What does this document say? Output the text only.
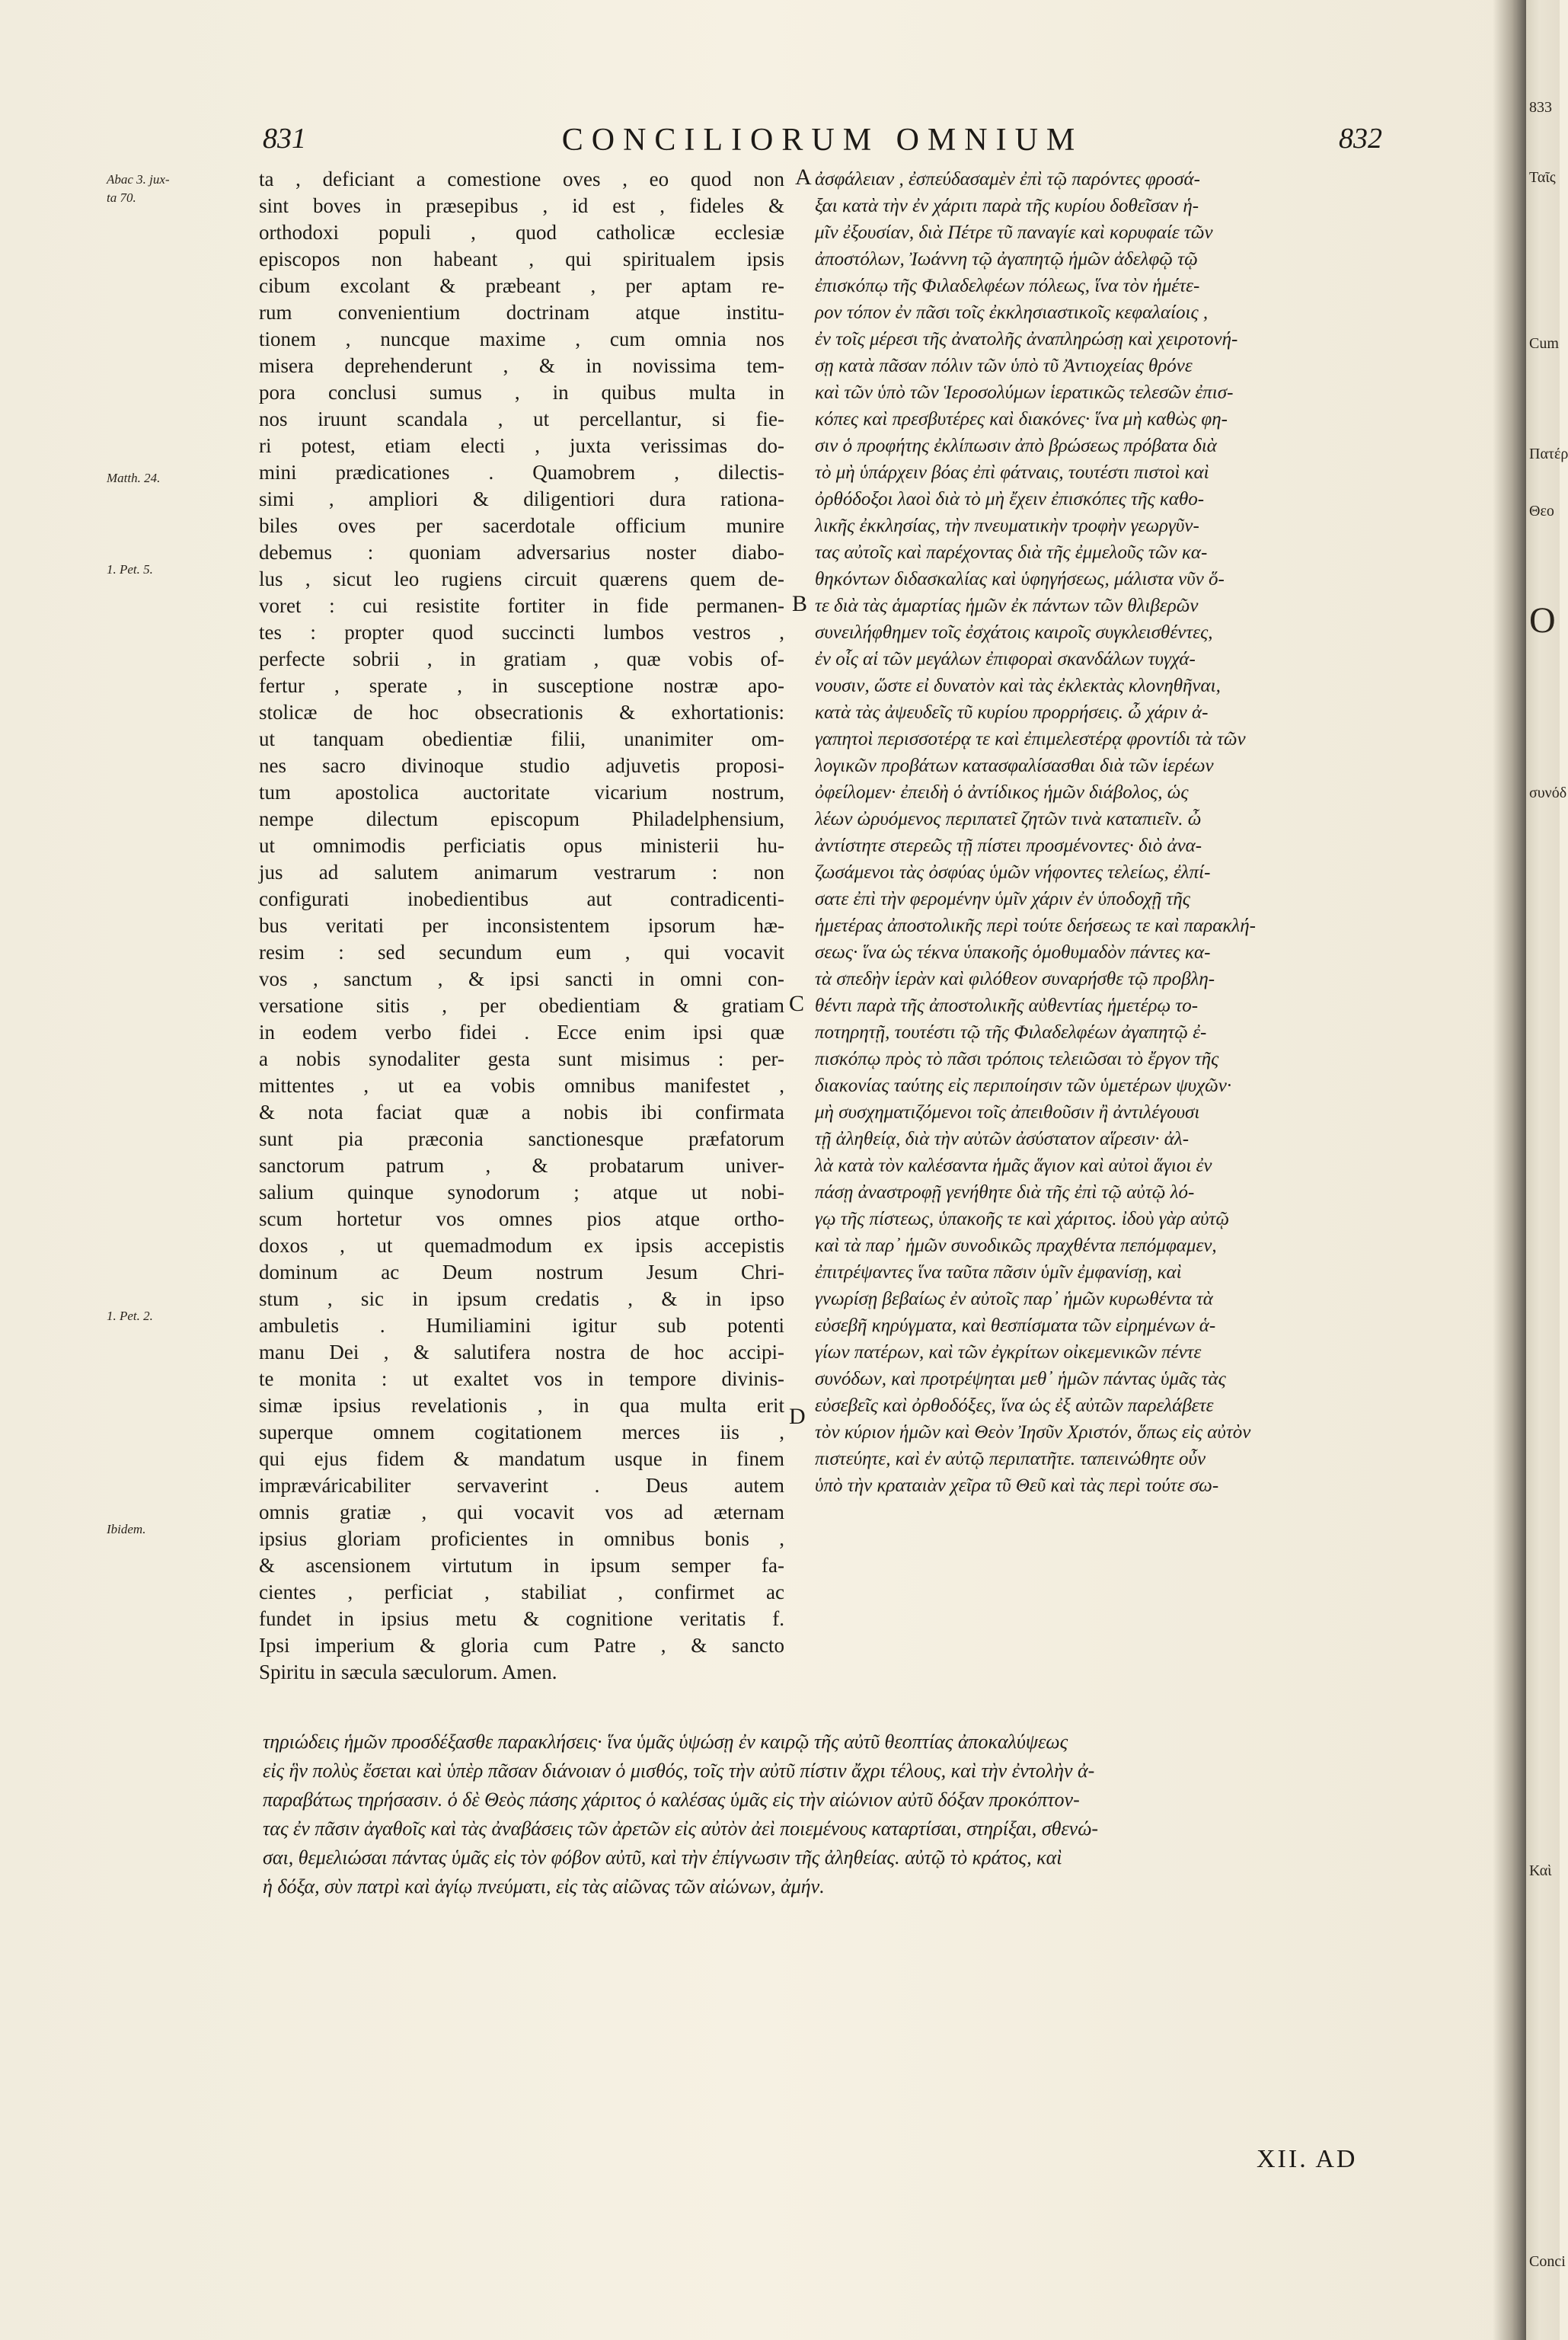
831	CONCILIORUM OMNIUM	832
Abac 3. jux-
ta 70.
Matth. 24.
1. Pet. 5.
1. Pet. 2.
Ibidem.
A
B
C
D
ta , deficiant a comestione oves , eo quod non
sint boves in præsepibus , id est , fideles &
orthodoxi populi , quod catholicæ ecclesiæ
episcopos non habeant , qui spiritualem ipsis
cibum excolant & præbeant , per aptam re-
rum convenientium doctrinam atque institu-
tionem , nuncque maxime , cum omnia nos
misera deprehenderunt , & in novissima tem-
pora conclusi sumus , in quibus multa in
nos iruunt scandala , ut percellantur, si fie-
ri potest, etiam electi , juxta verissimas do-
mini prædicationes . Quamobrem , dilectis-
simi , ampliori & diligentiori dura rationa-
biles oves per sacerdotale officium munire
debemus : quoniam adversarius noster diabo-
lus , sicut leo rugiens circuit quærens quem de-
voret : cui resistite fortiter in fide permanen-
tes : propter quod succincti lumbos vestros ,
perfecte sobrii , in gratiam , quæ vobis of-
fertur , sperate , in susceptione nostræ apo-
stolicæ de hoc obsecrationis & exhortationis:
ut tanquam obedientiæ filii, unanimiter om-
nes sacro divinoque studio adjuvetis proposi-
tum apostolica auctoritate vicarium nostrum,
nempe dilectum episcopum Philadelphensium,
ut omnimodis perficiatis opus ministerii hu-
jus ad salutem animarum vestrarum : non
configurati inobedientibus aut contradicenti-
bus veritati per inconsistentem ipsorum hæ-
resim : sed secundum eum , qui vocavit
vos , sanctum , & ipsi sancti in omni con-
versatione sitis , per obedientiam & gratiam
in eodem verbo fidei . Ecce enim ipsi quæ
a nobis synodaliter gesta sunt misimus : per-
mittentes , ut ea vobis omnibus manifestet ,
& nota faciat quæ a nobis ibi confirmata
sunt pia præconia sanctionesque præfatorum
sanctorum patrum , & probatarum univer-
salium quinque synodorum ; atque ut nobi-
scum hortetur vos omnes pios atque ortho-
doxos , ut quemadmodum ex ipsis accepistis
dominum ac Deum nostrum Jesum Chri-
stum , sic in ipsum credatis , & in ipso
ambuletis . Humiliamini igitur sub potenti
manu Dei , & salutifera nostra de hoc accipi-
te monita : ut exaltet vos in tempore divinis-
simæ ipsius revelationis , in qua multa erit
superque omnem cogitationem merces iis ,
qui ejus fidem & mandatum usque in finem
impræváricabiliter servaverint . Deus autem
omnis gratiæ , qui vocavit vos ad æternam
ipsius gloriam proficientes in omnibus bonis ,
& ascensionem virtutum in ipsum semper fa-
cientes , perficiat , stabiliat , confirmet ac
fundet in ipsius metu & cognitione veritatis f.
Ipsi imperium & gloria cum Patre , & sancto
Spiritu in sæcula sæculorum. Amen.
ἀσφάλειαν , ἐσπεύδασαμὲν ἐπὶ τῷ παρόντες φροσά-
ξαι κατὰ τὴν ἐν χάριτι παρὰ τῆς κυρίου δοθεῖσαν ἡ-
μῖν ἐξουσίαν, διὰ Πέτρε τῦ παναγίε καὶ κορυφαίε τῶν
ἀποστόλων, Ἰωάννη τῷ ἀγαπητῷ ἡμῶν ἀδελφῷ τῷ
ἐπισκόπῳ τῆς Φιλαδελφέων πόλεως, ἵνα τὸν ἡμέτε-
ρον τόπον ἐν πᾶσι τοῖς ἐκκλησιαστικοῖς κεφαλαίοις ,
ἐν τοῖς μέρεσι τῆς ἀνατολῆς ἀναπληρώσῃ καὶ χειροτονή-
σῃ κατὰ πᾶσαν πόλιν τῶν ὑπὸ τῦ Ἀντιοχείας θρόνε
καὶ τῶν ὑπὸ τῶν Ἱεροσολύμων ἱερατικῶς τελεσῶν ἐπισ-
κόπες καὶ πρεσβυτέρες καὶ διακόνες· ἵνα μὴ καθὼς φη-
σιν ὁ προφήτης ἐκλίπωσιν ἀπὸ βρώσεως πρόβατα διὰ
τὸ μὴ ὑπάρχειν βόας ἐπὶ φάτναις, τουτέστι πιστοὶ καὶ
ὀρθόδοξοι λαοὶ διὰ τὸ μὴ ἔχειν ἐπισκόπες τῆς καθο-
λικῆς ἐκκλησίας, τὴν πνευματικὴν τροφὴν γεωργῦν-
τας αὐτοῖς καὶ παρέχοντας διὰ τῆς ἐμμελοῦς τῶν κα-
θηκόντων διδασκαλίας καὶ ὑφηγήσεως, μάλιστα νῦν ὅ-
τε διὰ τὰς ἁμαρτίας ἡμῶν ἐκ πάντων τῶν θλιβερῶν
συνειλήφθημεν τοῖς ἐσχάτοις καιροῖς συγκλεισθέντες,
ἐν οἷς αἱ τῶν μεγάλων ἐπιφοραὶ σκανδάλων τυγχά-
νουσιν, ὥστε εἰ δυνατὸν καὶ τὰς ἐκλεκτὰς κλονηθῆναι,
κατὰ τὰς ἀψευδεῖς τῦ κυρίου προρρήσεις. ὦ χάριν ἀ-
γαπητοὶ περισσοτέρᾳ τε καὶ ἐπιμελεστέρᾳ φροντίδι τὰ τῶν
λογικῶν προβάτων κατασφαλίσασθαι διὰ τῶν ἱερέων
ὀφείλομεν· ἐπειδὴ ὁ ἀντίδικος ἡμῶν διάβολος, ὡς
λέων ὠρυόμενος περιπατεῖ ζητῶν τινὰ καταπιεῖν. ὦ
ἀντίστητε στερεῶς τῇ πίστει προσμένοντες· διὸ ἀνα-
ζωσάμενοι τὰς ὀσφύας ὑμῶν νήφοντες τελείως, ἐλπί-
σατε ἐπὶ τὴν φερομένην ὑμῖν χάριν ἐν ὑποδοχῇ τῆς
ἡμετέρας ἀποστολικῆς περὶ τούτε δεήσεως τε καὶ παρακλή-
σεως· ἵνα ὡς τέκνα ὑπακοῆς ὁμοθυμαδὸν πάντες κα-
τὰ σπεδὴν ἱερὰν καὶ φιλόθεον συναρήσθε τῷ προβλη-
θέντι παρὰ τῆς ἀποστολικῆς αὐθεντίας ἡμετέρῳ το-
ποτηρητῇ, τουτέστι τῷ τῆς Φιλαδελφέων ἀγαπητῷ ἐ-
πισκόπῳ πρὸς τὸ πᾶσι τρόποις τελειῶσαι τὸ ἔργον τῆς
διακονίας ταύτης εἰς περιποίησιν τῶν ὑμετέρων ψυχῶν·
μὴ συσχηματιζόμενοι τοῖς ἀπειθοῦσιν ἢ ἀντιλέγουσι
τῇ ἀληθείᾳ, διὰ τὴν αὐτῶν ἀσύστατον αἵρεσιν· ἀλ-
λὰ κατὰ τὸν καλέσαντα ἡμᾶς ἅγιον καὶ αὐτοὶ ἅγιοι ἐν
πάσῃ ἀναστροφῇ γενήθητε διὰ τῆς ἐπὶ τῷ αὐτῷ λό-
γῳ τῆς πίστεως, ὑπακοῆς τε καὶ χάριτος. ἰδοὺ γὰρ αὐτῷ
καὶ τὰ παρ᾽ ἡμῶν συνοδικῶς πραχθέντα πεπόμφαμεν,
ἐπιτρέψαντες ἵνα ταῦτα πᾶσιν ὑμῖν ἐμφανίσῃ, καὶ
γνωρίσῃ βεβαίως ἐν αὐτοῖς παρ᾽ ἡμῶν κυρωθέντα τὰ
εὐσεβῆ κηρύγματα, καὶ θεσπίσματα τῶν εἰρημένων ἁ-
γίων πατέρων, καὶ τῶν ἐγκρίτων οἰκεμενικῶν πέντε
συνόδων, καὶ προτρέψηται μεθ᾽ ἡμῶν πάντας ὑμᾶς τὰς
εὐσεβεῖς καὶ ὀρθοδόξες, ἵνα ὡς ἐξ αὐτῶν παρελάβετε
τὸν κύριον ἡμῶν καὶ Θεὸν Ἰησῦν Χριστόν, ὅπως εἰς αὐτὸν
πιστεύητε, καὶ ἐν αὐτῷ περιπατῆτε. ταπεινώθητε οὖν
ὑπὸ τὴν κραταιὰν χεῖρα τῦ Θεῦ καὶ τὰς περὶ τούτε σω-
τηριώδεις ἡμῶν προσδέξασθε παρακλήσεις· ἵνα ὑμᾶς ὑψώσῃ ἐν καιρῷ τῆς αὐτῦ θεοπτίας ἀποκαλύψεως
εἰς ἣν πολὺς ἔσεται καὶ ὑπὲρ πᾶσαν διάνοιαν ὁ μισθός, τοῖς τὴν αὐτῦ πίστιν ἄχρι τέλους, καὶ τὴν ἐντολὴν ἀ-
παραβάτως τηρήσασιν. ὁ δὲ Θεὸς πάσης χάριτος ὁ καλέσας ὑμᾶς εἰς τὴν αἰώνιον αὐτῦ δόξαν προκόπτον-
τας ἐν πᾶσιν ἀγαθοῖς καὶ τὰς ἀναβάσεις τῶν ἀρετῶν εἰς αὐτὸν ἀεὶ ποιεμένους καταρτίσαι, στηρίξαι, σθενώ-
σαι, θεμελιώσαι πάντας ὑμᾶς εἰς τὸν φόβον αὐτῦ, καὶ τὴν ἐπίγνωσιν τῆς ἀληθείας. αὐτῷ τὸ κράτος, καὶ
ἡ δόξα, σὺν πατρὶ καὶ ἁγίῳ πνεύματι, εἰς τὰς αἰῶνας τῶν αἰώνων, ἀμήν.
XII. AD
833
Ταῖς
Cum
Πατέρ
Ο
Θεο
συνόδ
Καὶ
Conci
